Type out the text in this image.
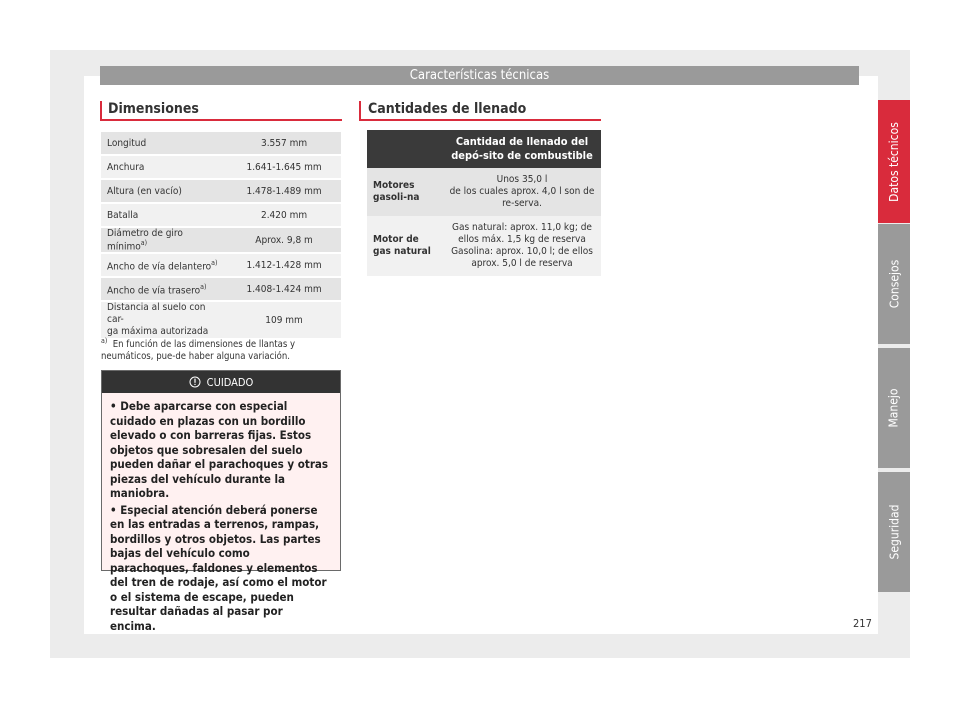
Características técnicas
Dimensiones
Longitud	3.557 mm
Anchura	1.641-1.645 mm
Altura (en vacío)	1.478-1.489 mm
Batalla	2.420 mm
Diámetro de giro mínimo$^{a)}$	Aprox. 9,8 m
Ancho de vía delantero$^{a)}$	1.412-1.428 mm
Ancho de vía trasero$^{a)}$	1.408-1.424 mm
Distancia al suelo con car-
ga máxima autorizada	109 mm
$^{a)}$ En función de las dimensiones de llantas y neumáticos, pue-de haber alguna variación.
CUIDADO

• Debe aparcarse con especial cuidado en plazas con un bordillo elevado o con barreras fijas. Estos objetos que sobresalen del suelo pueden dañar el parachoques y otras piezas del vehículo durante la maniobra.

• Especial atención deberá ponerse en las entradas a terrenos, rampas, bordillos y otros objetos. Las partes bajas del vehículo como parachoques, faldones y elementos del tren de rodaje, así como el motor o el sistema de escape, pueden resultar dañadas al pasar por encima.

Cantidades de llenado
	Cantidad de llenado del depó-sito de combustible
Motores gasoli-na	Unos 35,0 l
de los cuales aprox. 4,0 l son de re-serva.
Motor de gas natural	Gas natural: aprox. 11,0 kg; de ellos máx. 1,5 kg de reserva
Gasolina: aprox. 10,0 l; de ellos aprox. 5,0 l de reserva
Datos técnicos
Consejos
Manejo
Seguridad
217
